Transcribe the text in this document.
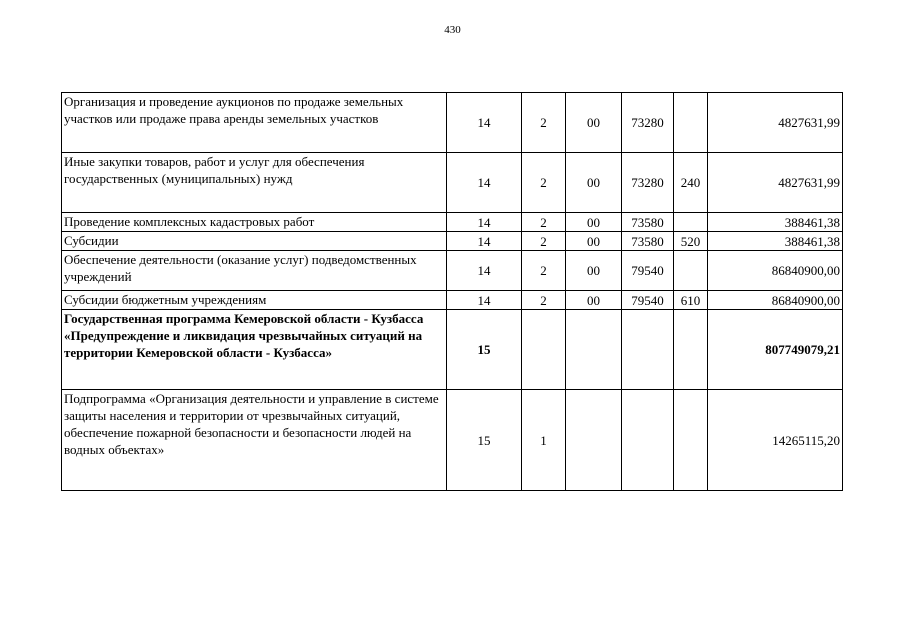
430
Организация и проведение аукционов по продаже земельных участков или продаже права аренды земельных участков	14	2	00	73280		4827631,99
Иные закупки товаров, работ и услуг для обеспечения государственных (муниципальных) нужд	14	2	00	73280	240	4827631,99
Проведение комплексных кадастровых работ	14	2	00	73580		388461,38
Субсидии	14	2	00	73580	520	388461,38
Обеспечение деятельности (оказание услуг) подведомственных учреждений	14	2	00	79540		86840900,00
Субсидии бюджетным учреждениям	14	2	00	79540	610	86840900,00
Государственная программа Кемеровской области - Кузбасса «Предупреждение и ликвидация чрезвычайных ситуаций на территории Кемеровской области - Кузбасса»	15					807749079,21
Подпрограмма «Организация деятельности и управление в системе защиты населения и территории от чрезвычайных ситуаций, обеспечение пожарной безопасности и безопасности людей на водных объектах»	15	1				14265115,20
